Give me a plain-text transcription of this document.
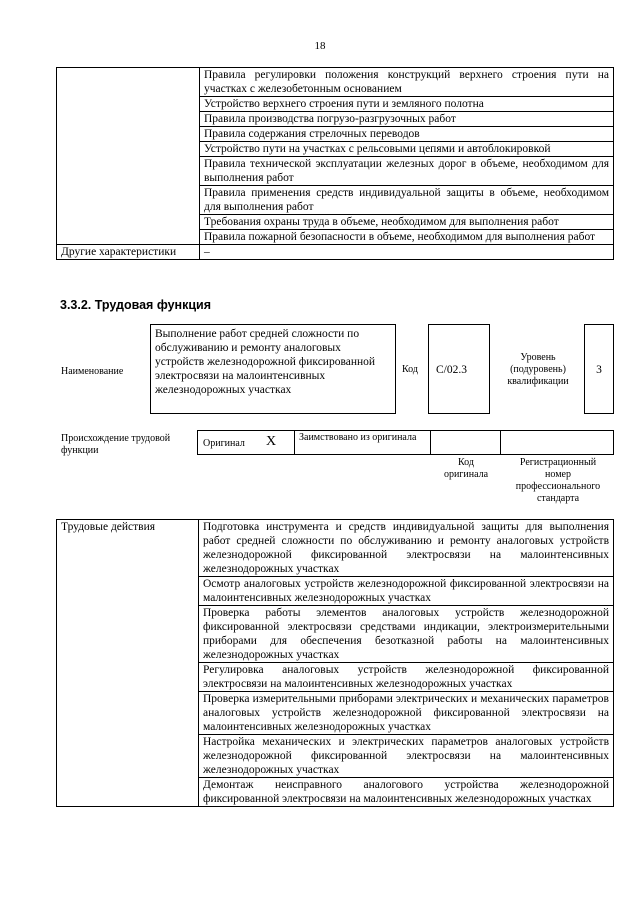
18
	Правила регулировки положения конструкций верхнего строения пути на участках с железобетонным основанием
	Устройство верхнего строения пути и земляного полотна
	Правила производства погрузо-разгрузочных работ
	Правила содержания стрелочных переводов
	Устройство пути на участках с рельсовыми цепями и автоблокировкой
	Правила технической эксплуатации железных дорог в объеме, необходимом для выполнения работ
	Правила применения средств индивидуальной защиты в объеме, необходимом для выполнения работ
	Требования охраны труда в объеме, необходимом для выполнения работ
	Правила пожарной безопасности в объеме, необходимом для выполнения работ
Другие характеристики	–
3.3.2. Трудовая функция
Наименование
Выполнение работ средней сложности по обслуживанию и ремонту аналоговых устройств железнодорожной фиксированной электросвязи на малоинтенсивных железнодорожных участках
Код	С/02.3
Уровень (подуровень) квалификации
3
Происхождение трудовой функции
Оригинал X Заимствовано из оригинала
Код оригинала
Регистрационный номер профессионального стандарта
Трудовые действия	Подготовка инструмента и средств индивидуальной защиты для выполнения работ средней сложности по обслуживанию и ремонту аналоговых устройств железнодорожной фиксированной электросвязи на малоинтенсивных железнодорожных участках
Осмотр аналоговых устройств железнодорожной фиксированной электросвязи на малоинтенсивных железнодорожных участках
Проверка работы элементов аналоговых устройств железнодорожной фиксированной электросвязи средствами индикации, электроизмерительными приборами для обеспечения безотказной работы на малоинтенсивных железнодорожных участках
Регулировка аналоговых устройств железнодорожной фиксированной электросвязи на малоинтенсивных железнодорожных участках
Проверка измерительными приборами электрических и механических параметров аналоговых устройств железнодорожной фиксированной электросвязи на малоинтенсивных железнодорожных участках
Настройка механических и электрических параметров аналоговых устройств железнодорожной фиксированной электросвязи на малоинтенсивных железнодорожных участках
Демонтаж неисправного аналогового устройства железнодорожной фиксированной электросвязи на малоинтенсивных железнодорожных участках
